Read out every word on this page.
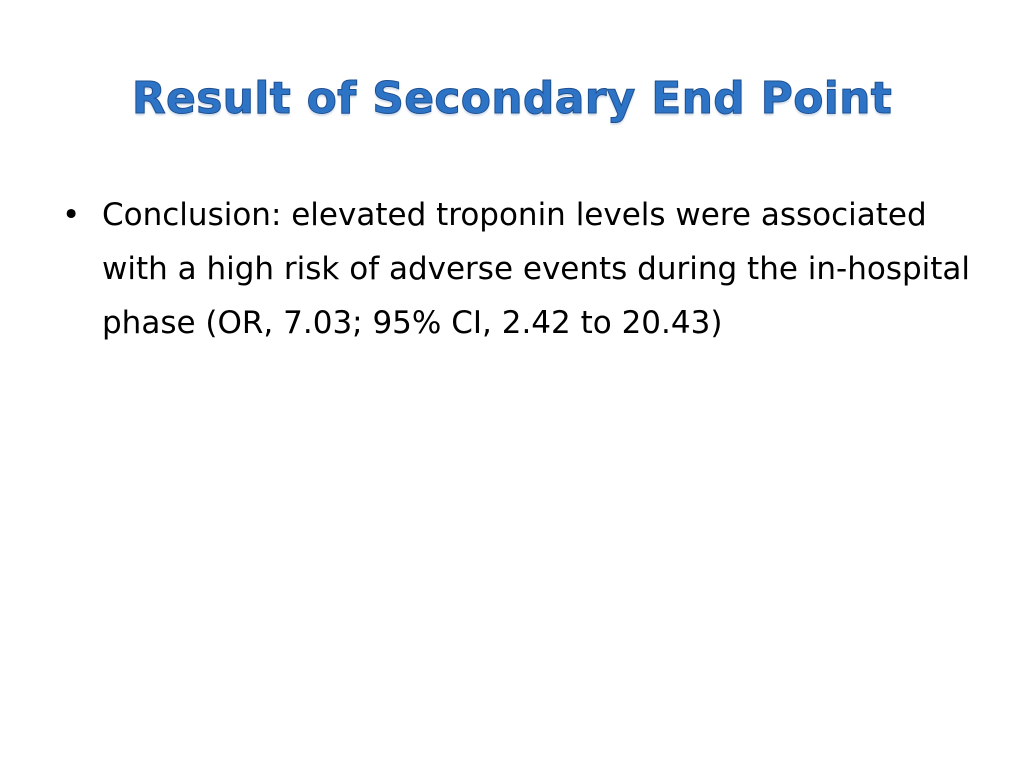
Result of Secondary End Point
• Conclusion: elevated troponin levels were associated with a high risk of adverse events during the in-hospital phase (OR, 7.03; 95% CI, 2.42 to 20.43)
